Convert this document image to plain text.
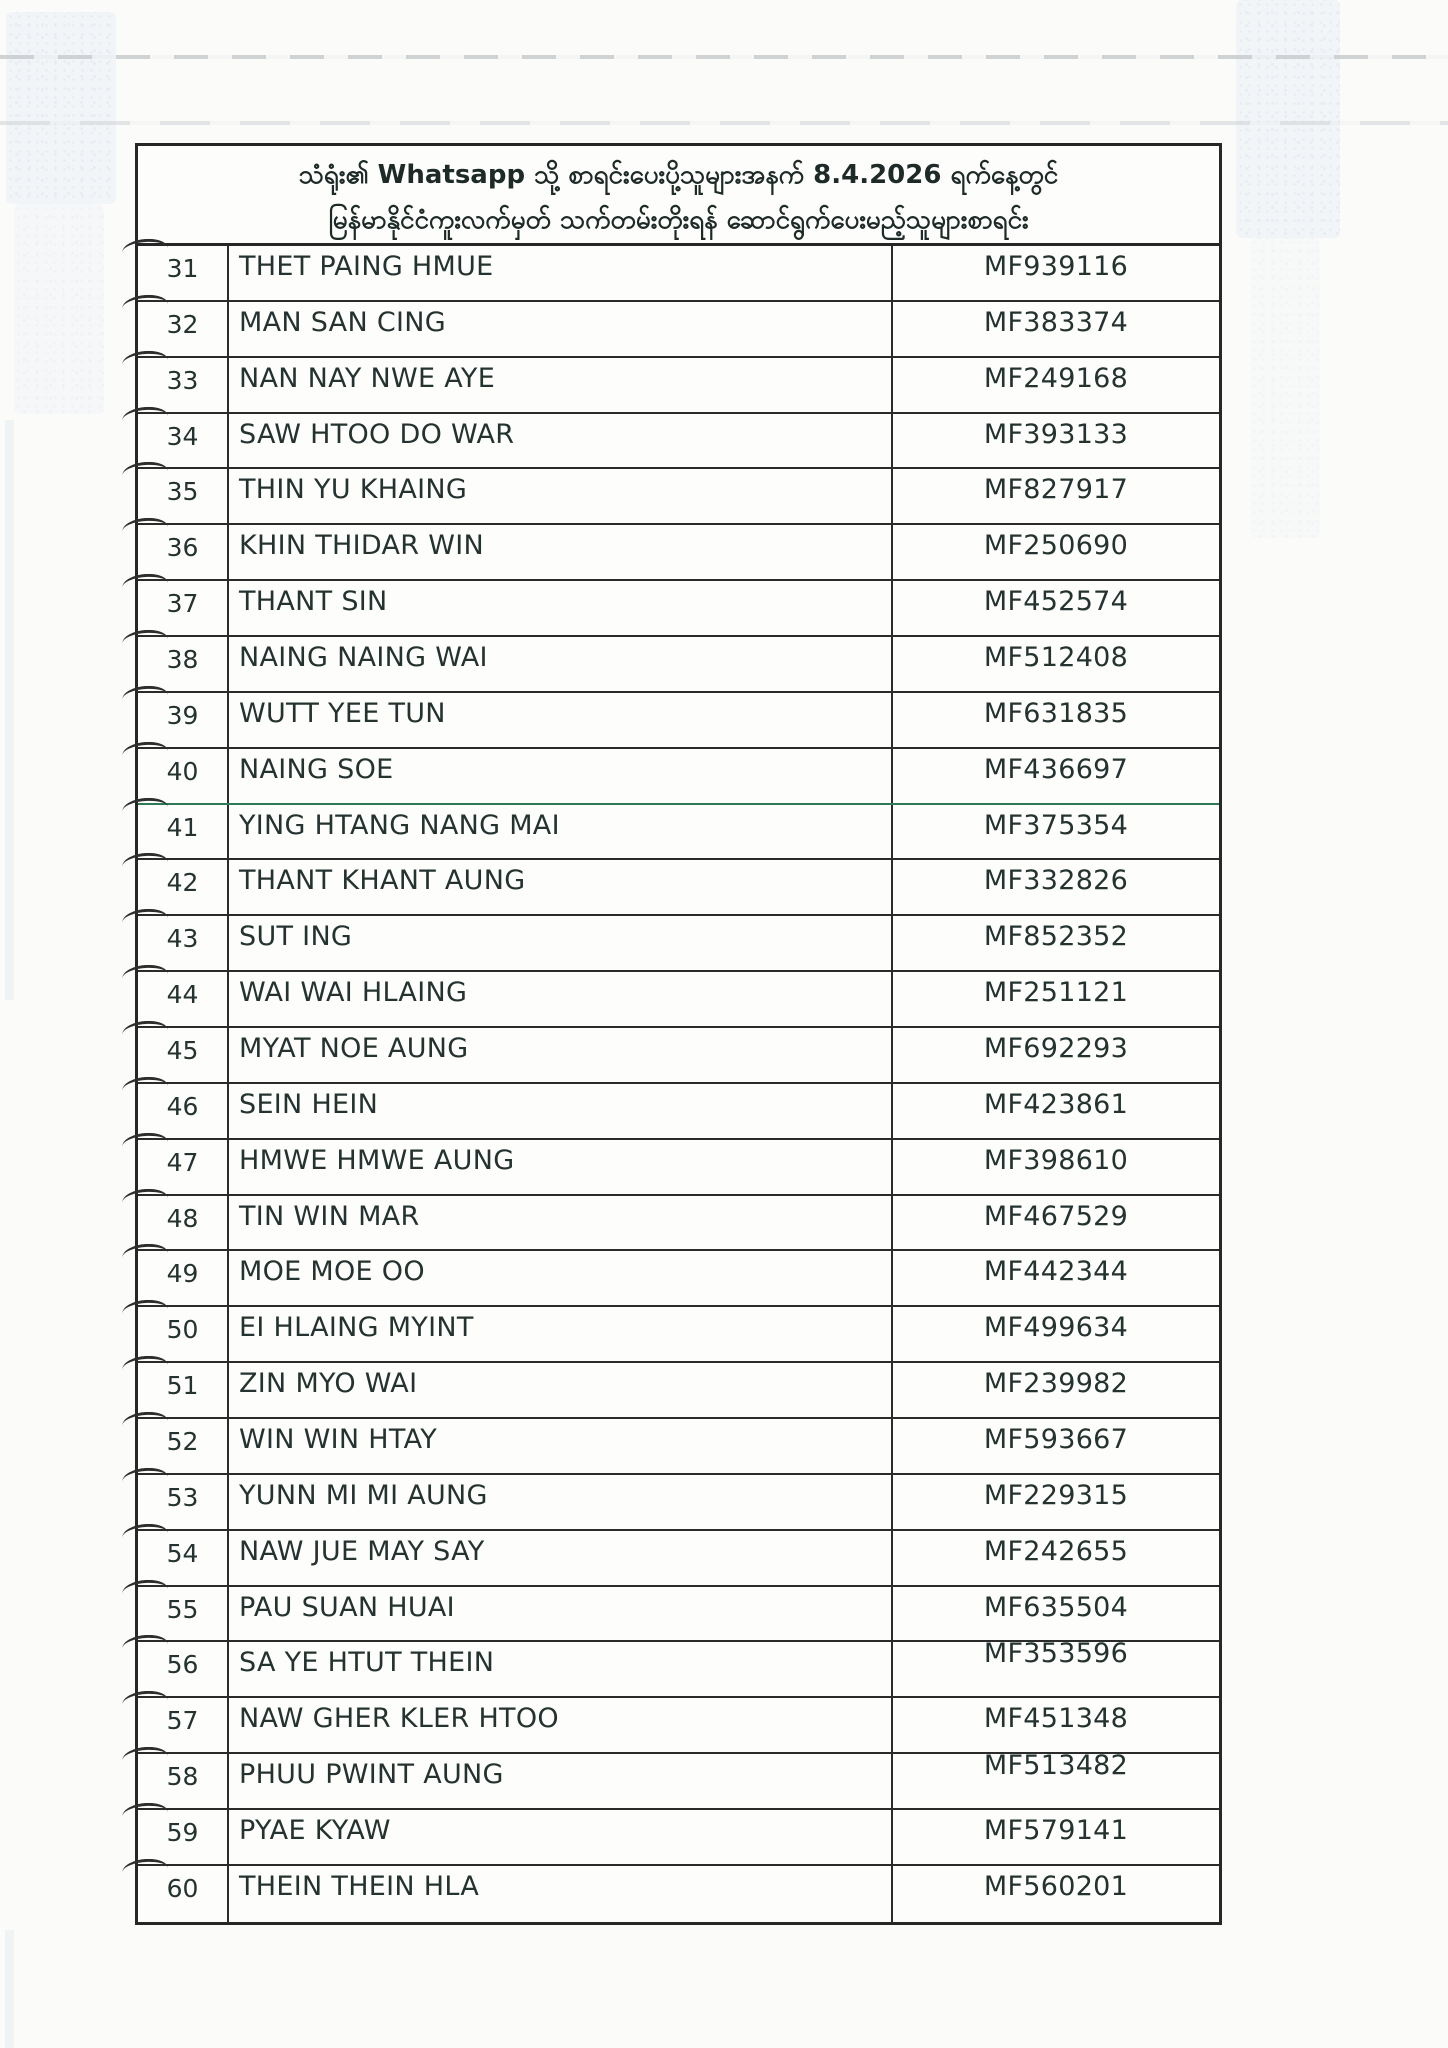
သံရုံး၏ Whatsapp သို့ စာရင်းပေးပို့သူများအနက် 8.4.2026 ရက်နေ့တွင်
မြန်မာနိုင်ငံကူးလက်မှတ် သက်တမ်းတိုးရန် ဆောင်ရွက်ပေးမည့်သူများစာရင်း
31	THET PAING HMUE	MF939116
32	MAN SAN CING	MF383374
33	NAN NAY NWE AYE	MF249168
34	SAW HTOO DO WAR	MF393133
35	THIN YU KHAING	MF827917
36	KHIN THIDAR WIN	MF250690
37	THANT SIN	MF452574
38	NAING NAING WAI	MF512408
39	WUTT YEE TUN	MF631835
40	NAING SOE	MF436697
41	YING HTANG NANG MAI	MF375354
42	THANT KHANT AUNG	MF332826
43	SUT ING	MF852352
44	WAI WAI HLAING	MF251121
45	MYAT NOE AUNG	MF692293
46	SEIN HEIN	MF423861
47	HMWE HMWE AUNG	MF398610
48	TIN WIN MAR	MF467529
49	MOE MOE OO	MF442344
50	EI HLAING MYINT	MF499634
51	ZIN MYO WAI	MF239982
52	WIN WIN HTAY	MF593667
53	YUNN MI MI AUNG	MF229315
54	NAW JUE MAY SAY	MF242655
55	PAU SUAN HUAI	MF635504
56	SA YE HTUT THEIN	MF353596
57	NAW GHER KLER HTOO	MF451348
58	PHUU PWINT AUNG	MF513482
59	PYAE KYAW	MF579141
60	THEIN THEIN HLA	MF560201
